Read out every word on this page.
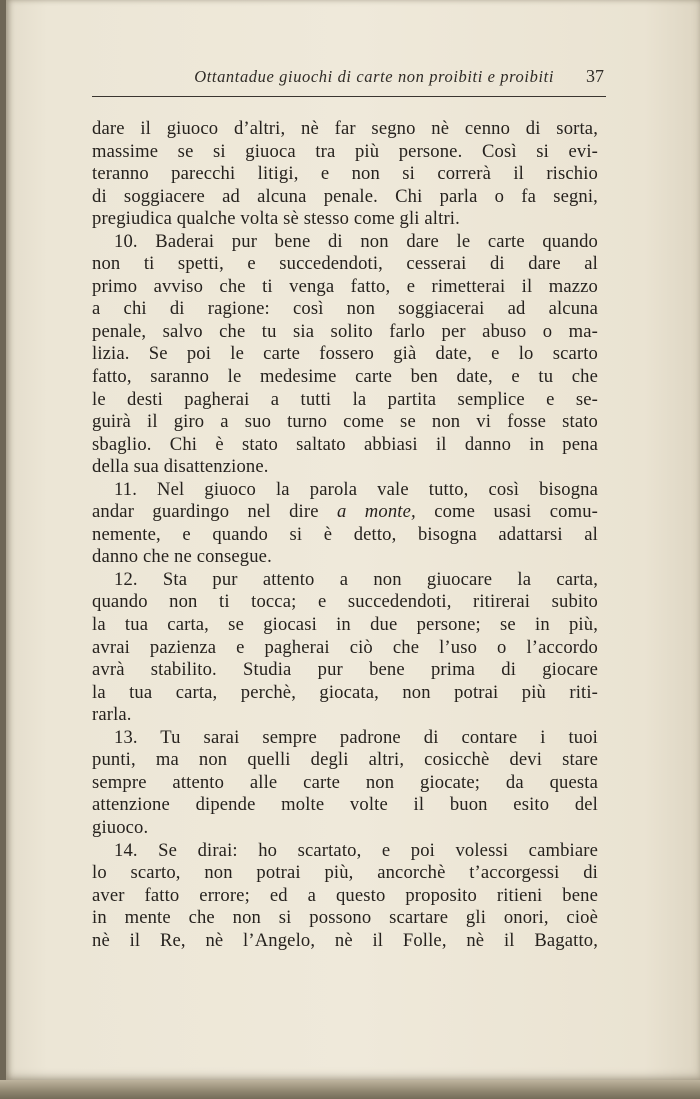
Ottantadue giuochi di carte non proibiti e proibiti 37
dare il giuoco d’altri, nè far segno nè cenno di sorta,
massime se si giuoca tra più persone. Così si evi-
teranno parecchi litigi, e non si correrà il rischio
di soggiacere ad alcuna penale. Chi parla o fa segni,
pregiudica qualche volta sè stesso come gli altri.
10. Baderai pur bene di non dare le carte quando
non ti spetti, e succedendoti, cesserai di dare al
primo avviso che ti venga fatto, e rimetterai il mazzo
a chi di ragione: così non soggiacerai ad alcuna
penale, salvo che tu sia solito farlo per abuso o ma-
lizia. Se poi le carte fossero già date, e lo scarto
fatto, saranno le medesime carte ben date, e tu che
le desti pagherai a tutti la partita semplice e se-
guirà il giro a suo turno come se non vi fosse stato
sbaglio. Chi è stato saltato abbiasi il danno in pena
della sua disattenzione.
11. Nel giuoco la parola vale tutto, così bisogna
andar guardingo nel dire a monte, come usasi comu-
nemente, e quando si è detto, bisogna adattarsi al
danno che ne consegue.
12. Sta pur attento a non giuocare la carta,
quando non ti tocca; e succedendoti, ritirerai subito
la tua carta, se giocasi in due persone; se in più,
avrai pazienza e pagherai ciò che l’uso o l’accordo
avrà stabilito. Studia pur bene prima di giocare
la tua carta, perchè, giocata, non potrai più riti-
rarla.
13. Tu sarai sempre padrone di contare i tuoi
punti, ma non quelli degli altri, cosicchè devi stare
sempre attento alle carte non giocate; da questa
attenzione dipende molte volte il buon esito del
giuoco.
14. Se dirai: ho scartato, e poi volessi cambiare
lo scarto, non potrai più, ancorchè t’accorgessi di
aver fatto errore; ed a questo proposito ritieni bene
in mente che non si possono scartare gli onori, cioè
nè il Re, nè l’Angelo, nè il Folle, nè il Bagatto,
